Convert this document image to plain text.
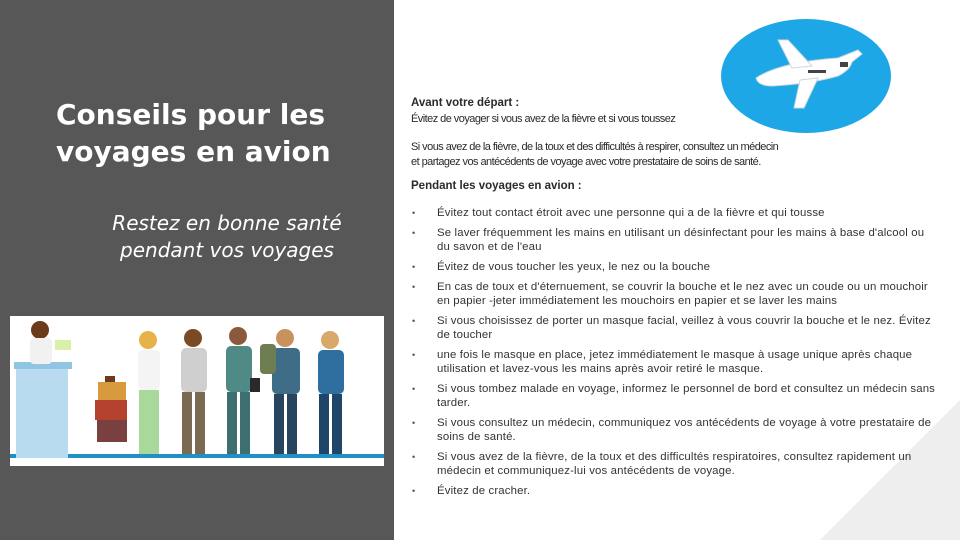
Conseils pour les voyages en avion
Restez en bonne santé pendant vos voyages
Avant votre départ :
Évitez de voyager si vous avez de la fièvre et si vous toussez
Si vous avez de la fièvre, de la toux et des difficultés à respirer, consultez un médecin
et partagez vos antécédents de voyage avec votre prestataire de soins de santé.
Pendant les voyages en avion :
• Évitez tout contact étroit avec une personne qui a de la fièvre et qui tousse
• Se laver fréquemment les mains en utilisant un désinfectant pour les mains à base d'alcool ou du savon et de l'eau
• Évitez de vous toucher les yeux, le nez ou la bouche
• En cas de toux et d'éternuement, se couvrir la bouche et le nez avec un coude ou un mouchoir en papier -jeter immédiatement les mouchoirs en papier et se laver les mains
• Si vous choisissez de porter un masque facial, veillez à vous couvrir la bouche et le nez. Évitez de toucher
• une fois le masque en place, jetez immédiatement le masque à usage unique après chaque utilisation et lavez-vous les mains après avoir retiré le masque.
• Si vous tombez malade en voyage, informez le personnel de bord et consultez un médecin sans tarder.
• Si vous consultez un médecin, communiquez vos antécédents de voyage à votre prestataire de soins de santé.
• Si vous avez de la fièvre, de la toux et des difficultés respiratoires, consultez rapidement un médecin et communiquez-lui vos antécédents de voyage.
• Évitez de cracher.
